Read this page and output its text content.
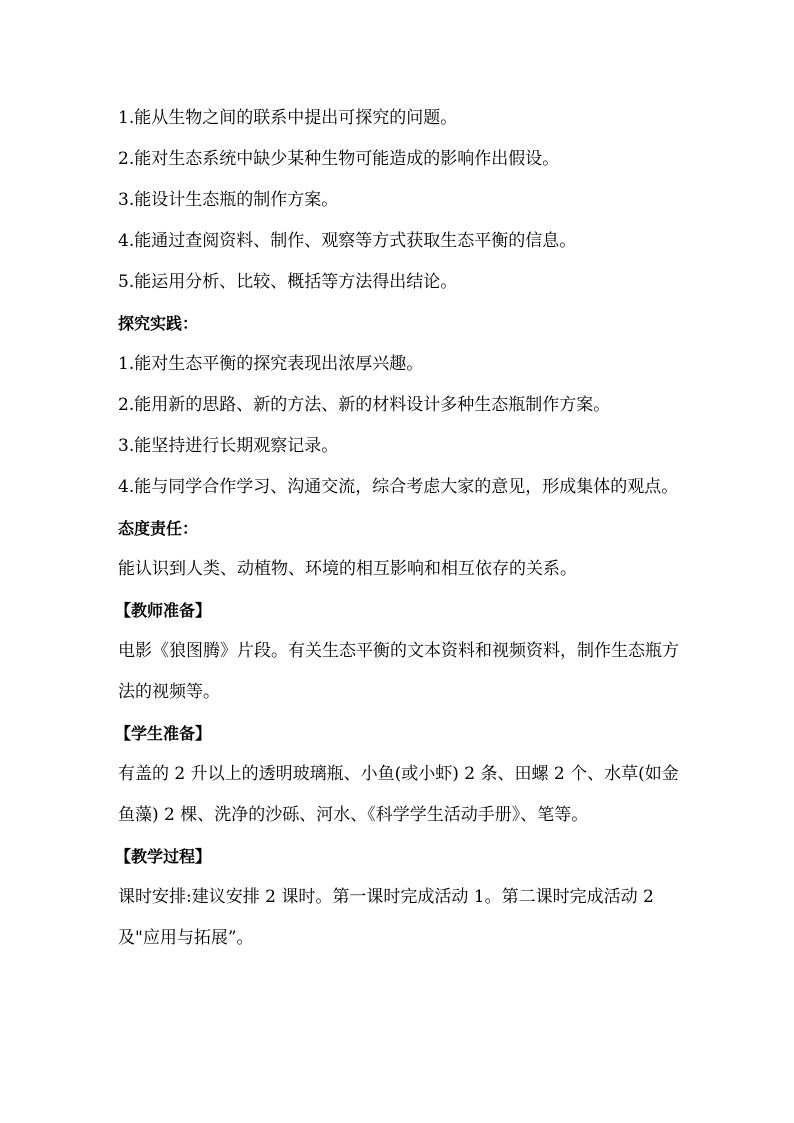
1.能从生物之间的联系中提出可探究的问题。

2.能对生态系统中缺少某种生物可能造成的影响作出假设。

3.能设计生态瓶的制作方案。

4.能通过查阅资料、制作、观察等方式获取生态平衡的信息。

5.能运用分析、比较、概括等方法得出结论。

探究实践：

1.能对生态平衡的探究表现出浓厚兴趣。

2.能用新的思路、新的方法、新的材料设计多种生态瓶制作方案。

3.能坚持进行长期观察记录。

4.能与同学合作学习、沟通交流，综合考虑大家的意见，形成集体的观点。

态度责任：

能认识到人类、动植物、环境的相互影响和相互依存的关系。

【教师准备】

电影《狼图腾》片段。有关生态平衡的文本资料和视频资料，制作生态瓶方法的视频等。

【学生准备】

有盖的 2 升以上的透明玻璃瓶、小鱼(或小虾) 2 条、田螺 2 个、水草(如金鱼藻) 2 棵、洗净的沙砾、河水、《科学学生活动手册》、笔等。

【教学过程】

课时安排:建议安排 2 课时。第一课时完成活动 1。第二课时完成活动 2 及"应用与拓展”。
